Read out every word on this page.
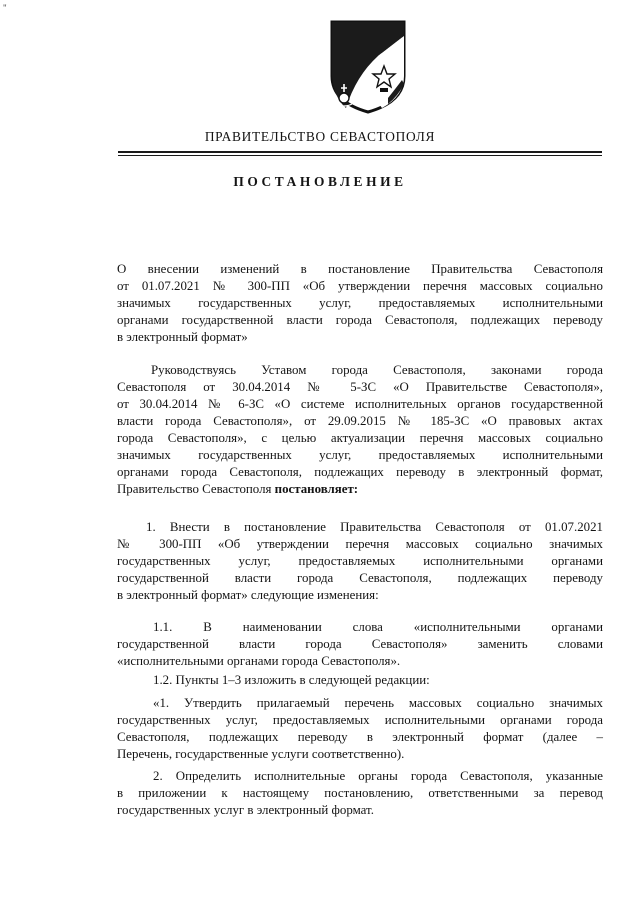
"
ПРАВИТЕЛЬСТВО СЕВАСТОПОЛЯ
ПОСТАНОВЛЕНИЕ
О внесении изменений в постановление Правительства Севастополя
от 01.07.2021 № 300-ПП «Об утверждении перечня массовых социально
значимых государственных услуг, предоставляемых исполнительными
органами государственной власти города Севастополя, подлежащих переводу
в электронный формат»
Руководствуясь Уставом города Севастополя, законами города
Севастополя от 30.04.2014 № 5-ЗС «О Правительстве Севастополя»,
от 30.04.2014 № 6-ЗС «О системе исполнительных органов государственной
власти города Севастополя», от 29.09.2015 № 185-ЗС «О правовых актах
города Севастополя», с целью актуализации перечня массовых социально
значимых государственных услуг, предоставляемых исполнительными
органами города Севастополя, подлежащих переводу в электронный формат,
Правительство Севастополя постановляет:
1. Внести в постановление Правительства Севастополя от 01.07.2021
№ 300-ПП «Об утверждении перечня массовых социально значимых
государственных услуг, предоставляемых исполнительными органами
государственной власти города Севастополя, подлежащих переводу
в электронный формат» следующие изменения:
1.1. В наименовании слова «исполнительными органами
государственной власти города Севастополя» заменить словами
«исполнительными органами города Севастополя».
1.2. Пункты 1–3 изложить в следующей редакции:
«1. Утвердить прилагаемый перечень массовых социально значимых
государственных услуг, предоставляемых исполнительными органами города
Севастополя, подлежащих переводу в электронный формат (далее –
Перечень, государственные услуги соответственно).
2. Определить исполнительные органы города Севастополя, указанные
в приложении к настоящему постановлению, ответственными за перевод
государственных услуг в электронный формат.
